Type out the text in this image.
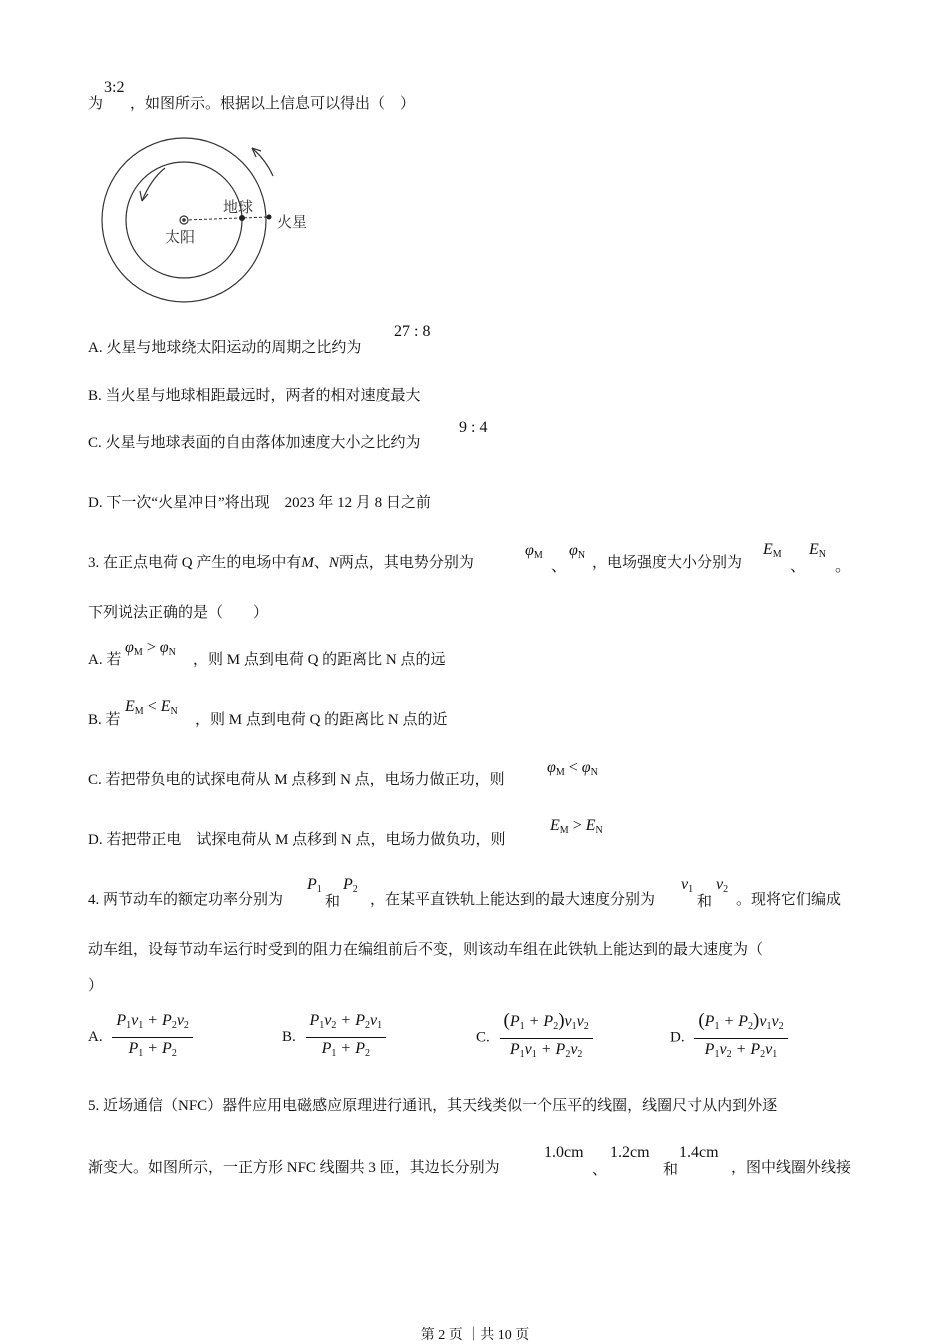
为
3:2
，如图所示。根据以上信息可以得出（　）
太阳
地球
火星
A. 火星与地球绕太阳运动的周期之比约为
27 : 8
B. 当火星与地球相距最远时，两者的相对速度最大
C. 火星与地球表面的自由落体加速度大小之比约为
9 : 4
D. 下一次“火星冲日”将出现　2023 年 12 月 8 日之前
3. 在正点电荷 Q 产生的电场中有M、N两点，其电势分别为
$\varphi_M$
、
$\varphi_N$ ，电场强度大小分别为
$E_M$
、
$E_N$
。
下列说法正确的是（　　）
A. 若
$\varphi_M > \varphi_N$ ，则 M 点到电荷 Q 的距离比 N 点的远
B. 若
$E_M < E_N$
，则 M 点到电荷 Q 的距离比 N 点的近
C. 若把带负电的试探电荷从 M 点移到 N 点，电场力做正功，则
$\varphi_M < \varphi_N$
D. 若把带正电　试探电荷从 M 点移到 N 点，电场力做负功，则
$E_M > E_N$
4. 两节动车的额定功率分别为
$P_1$
和
$P_2$
，在某平直铁轨上能达到的最大速度分别为
$v_1$
和
$v_2$
。现将它们编成
动车组，设每节动车运行时受到的阻力在编组前后不变，则该动车组在此铁轨上能达到的最大速度为（
）
A. $\frac{P_1v_1 + P_2v_2}{P_1 + P_2}$	B. $\frac{P_1v_2 + P_2v_1}{P_1 + P_2}$	C. $\frac{(P_1 + P_2)v_1v_2}{P_1v_1 + P_2v_2}$	D. $\frac{(P_1 + P_2)v_1v_2}{P_1v_2 + P_2v_1}$
5. 近场通信（NFC）器件应用电磁感应原理进行通讯，其天线类似一个压平的线圈，线圈尺寸从内到外逐
渐变大。如图所示，一正方形 NFC 线圈共 3 匝，其边长分别为
1.0cm
、
1.2cm
和
1.4cm
，图中线圈外线接
第 2 页 ｜共 10 页
